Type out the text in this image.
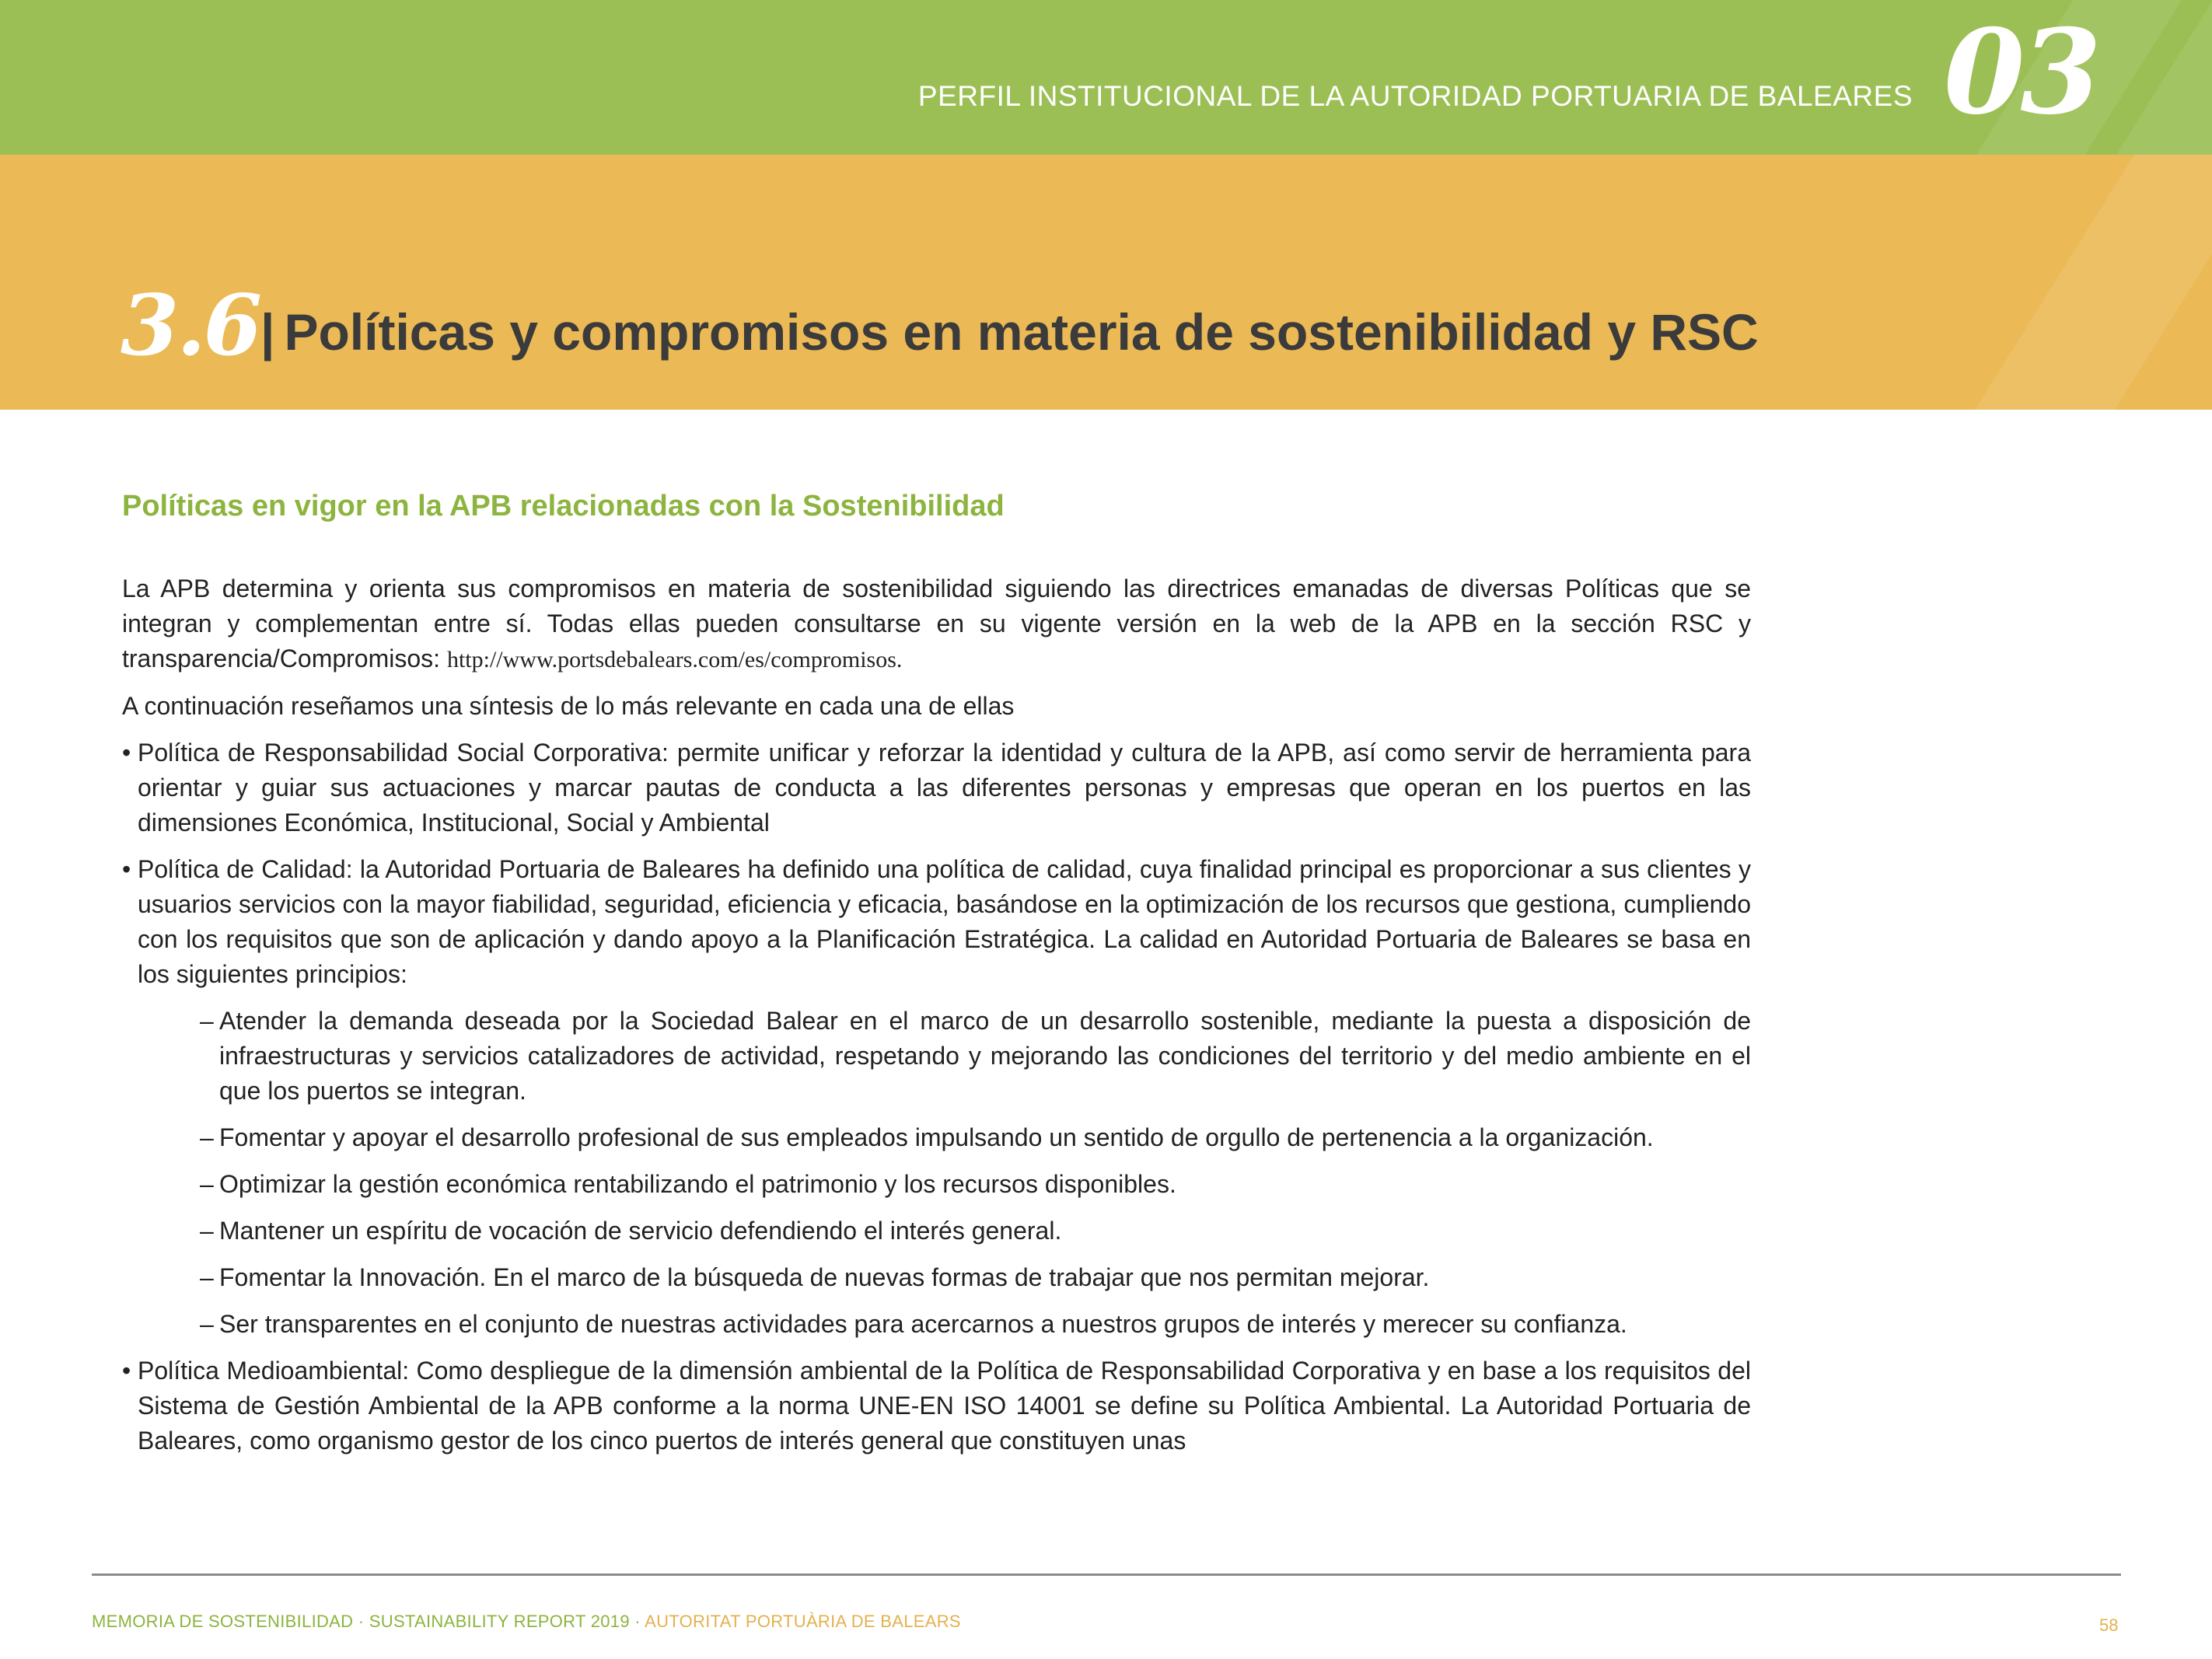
PERFIL INSTITUCIONAL DE LA AUTORIDAD PORTUARIA DE BALEARES 03
3.6 | Políticas y compromisos en materia de sostenibilidad y RSC
Políticas en vigor en la APB relacionadas con la Sostenibilidad

La APB determina y orienta sus compromisos en materia de sostenibilidad siguiendo las directrices emanadas de diversas Políticas que se integran y complementan entre sí. Todas ellas pueden consultarse en su vigente versión en la web de la APB en la sección RSC y transparencia/Compromisos: http://www.portsdebalears.com/es/compromisos.

A continuación reseñamos una síntesis de lo más relevante en cada una de ellas

• Política de Responsabilidad Social Corporativa: permite unificar y reforzar la identidad y cultura de la APB, así como servir de herramienta para orientar y guiar sus actuaciones y marcar pautas de conducta a las diferentes personas y empresas que operan en los puertos en las dimensiones Económica, Institucional, Social y Ambiental
• Política de Calidad: la Autoridad Portuaria de Baleares ha definido una política de calidad, cuya finalidad principal es proporcionar a sus clientes y usuarios servicios con la mayor fiabilidad, seguridad, eficiencia y eficacia, basándose en la optimización de los recursos que gestiona, cumpliendo con los requisitos que son de aplicación y dando apoyo a la Planificación Estratégica. La calidad en Autoridad Portuaria de Baleares se basa en los siguientes principios:
– Atender la demanda deseada por la Sociedad Balear en el marco de un desarrollo sostenible, mediante la puesta a disposición de infraestructuras y servicios catalizadores de actividad, respetando y mejorando las condiciones del territorio y del medio ambiente en el que los puertos se integran.
– Fomentar y apoyar el desarrollo profesional de sus empleados impulsando un sentido de orgullo de pertenencia a la organización.
– Optimizar la gestión económica rentabilizando el patrimonio y los recursos disponibles.
– Mantener un espíritu de vocación de servicio defendiendo el interés general.
– Fomentar la Innovación. En el marco de la búsqueda de nuevas formas de trabajar que nos permitan mejorar.
– Ser transparentes en el conjunto de nuestras actividades para acercarnos a nuestros grupos de interés y merecer su confianza.
• Política Medioambiental: Como despliegue de la dimensión ambiental de la Política de Responsabilidad Corporativa y en base a los requisitos del Sistema de Gestión Ambiental de la APB conforme a la norma UNE-EN ISO 14001 se define su Política Ambiental. La Autoridad Portuaria de Baleares, como organismo gestor de los cinco puertos de interés general que constituyen unas
MEMORIA DE SOSTENIBILIDAD · SUSTAINABILITY REPORT 2019 · AUTORITAT PORTUÀRIA DE BALEARS	58
